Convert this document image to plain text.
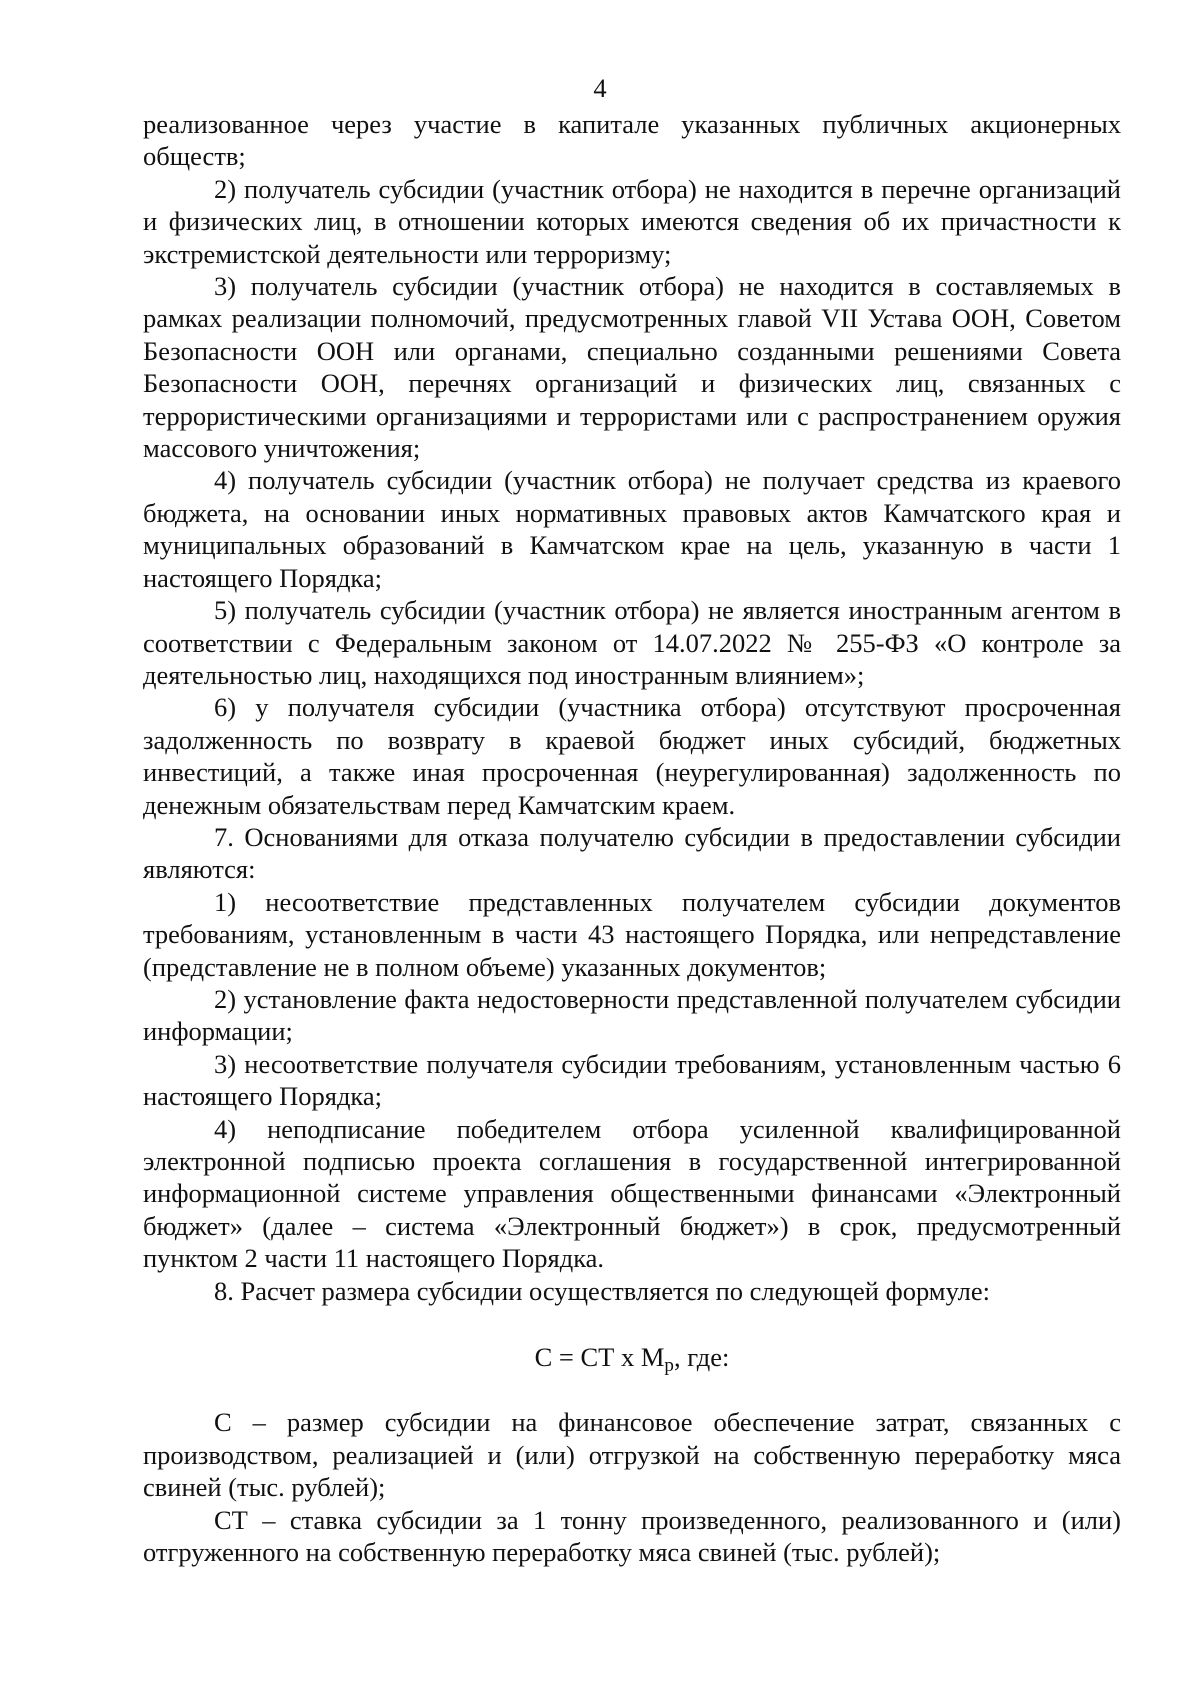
4

реализованное через участие в капитале указанных публичных акционерных обществ;

2) получатель субсидии (участник отбора) не находится в перечне организаций и физических лиц, в отношении которых имеются сведения об их причастности к экстремистской деятельности или терроризму;

3) получатель субсидии (участник отбора) не находится в составляемых в рамках реализации полномочий, предусмотренных главой VII Устава ООН, Советом Безопасности ООН или органами, специально созданными решениями Совета Безопасности ООН, перечнях организаций и физических лиц, связанных с террористическими организациями и террористами или с распространением оружия массового уничтожения;

4) получатель субсидии (участник отбора) не получает средства из краевого бюджета, на основании иных нормативных правовых актов Камчатского края и муниципальных образований в Камчатском крае на цель, указанную в части 1 настоящего Порядка;

5) получатель субсидии (участник отбора) не является иностранным агентом в соответствии с Федеральным законом от 14.07.2022 № 255-ФЗ «О контроле за деятельностью лиц, находящихся под иностранным влиянием»;

6) у получателя субсидии (участника отбора) отсутствуют просроченная задолженность по возврату в краевой бюджет иных субсидий, бюджетных инвестиций, а также иная просроченная (неурегулированная) задолженность по денежным обязательствам перед Камчатским краем.

7. Основаниями для отказа получателю субсидии в предоставлении субсидии являются:

1) несоответствие представленных получателем субсидии документов требованиям, установленным в части 43 настоящего Порядка, или непредставление (представление не в полном объеме) указанных документов;

2) установление факта недостоверности представленной получателем субсидии информации;

3) несоответствие получателя субсидии требованиям, установленным частью 6 настоящего Порядка;

4) неподписание победителем отбора усиленной квалифицированной электронной подписью проекта соглашения в государственной интегрированной информационной системе управления общественными финансами «Электронный бюджет» (далее – система «Электронный бюджет») в срок, предусмотренный пунктом 2 части 11 настоящего Порядка.

8. Расчет размера субсидии осуществляется по следующей формуле:

С = СТ х $М_р$, где:

С – размер субсидии на финансовое обеспечение затрат, связанных с производством, реализацией и (или) отгрузкой на собственную переработку мяса свиней (тыс. рублей);

СТ – ставка субсидии за 1 тонну произведенного, реализованного и (или) отгруженного на собственную переработку мяса свиней (тыс. рублей);
